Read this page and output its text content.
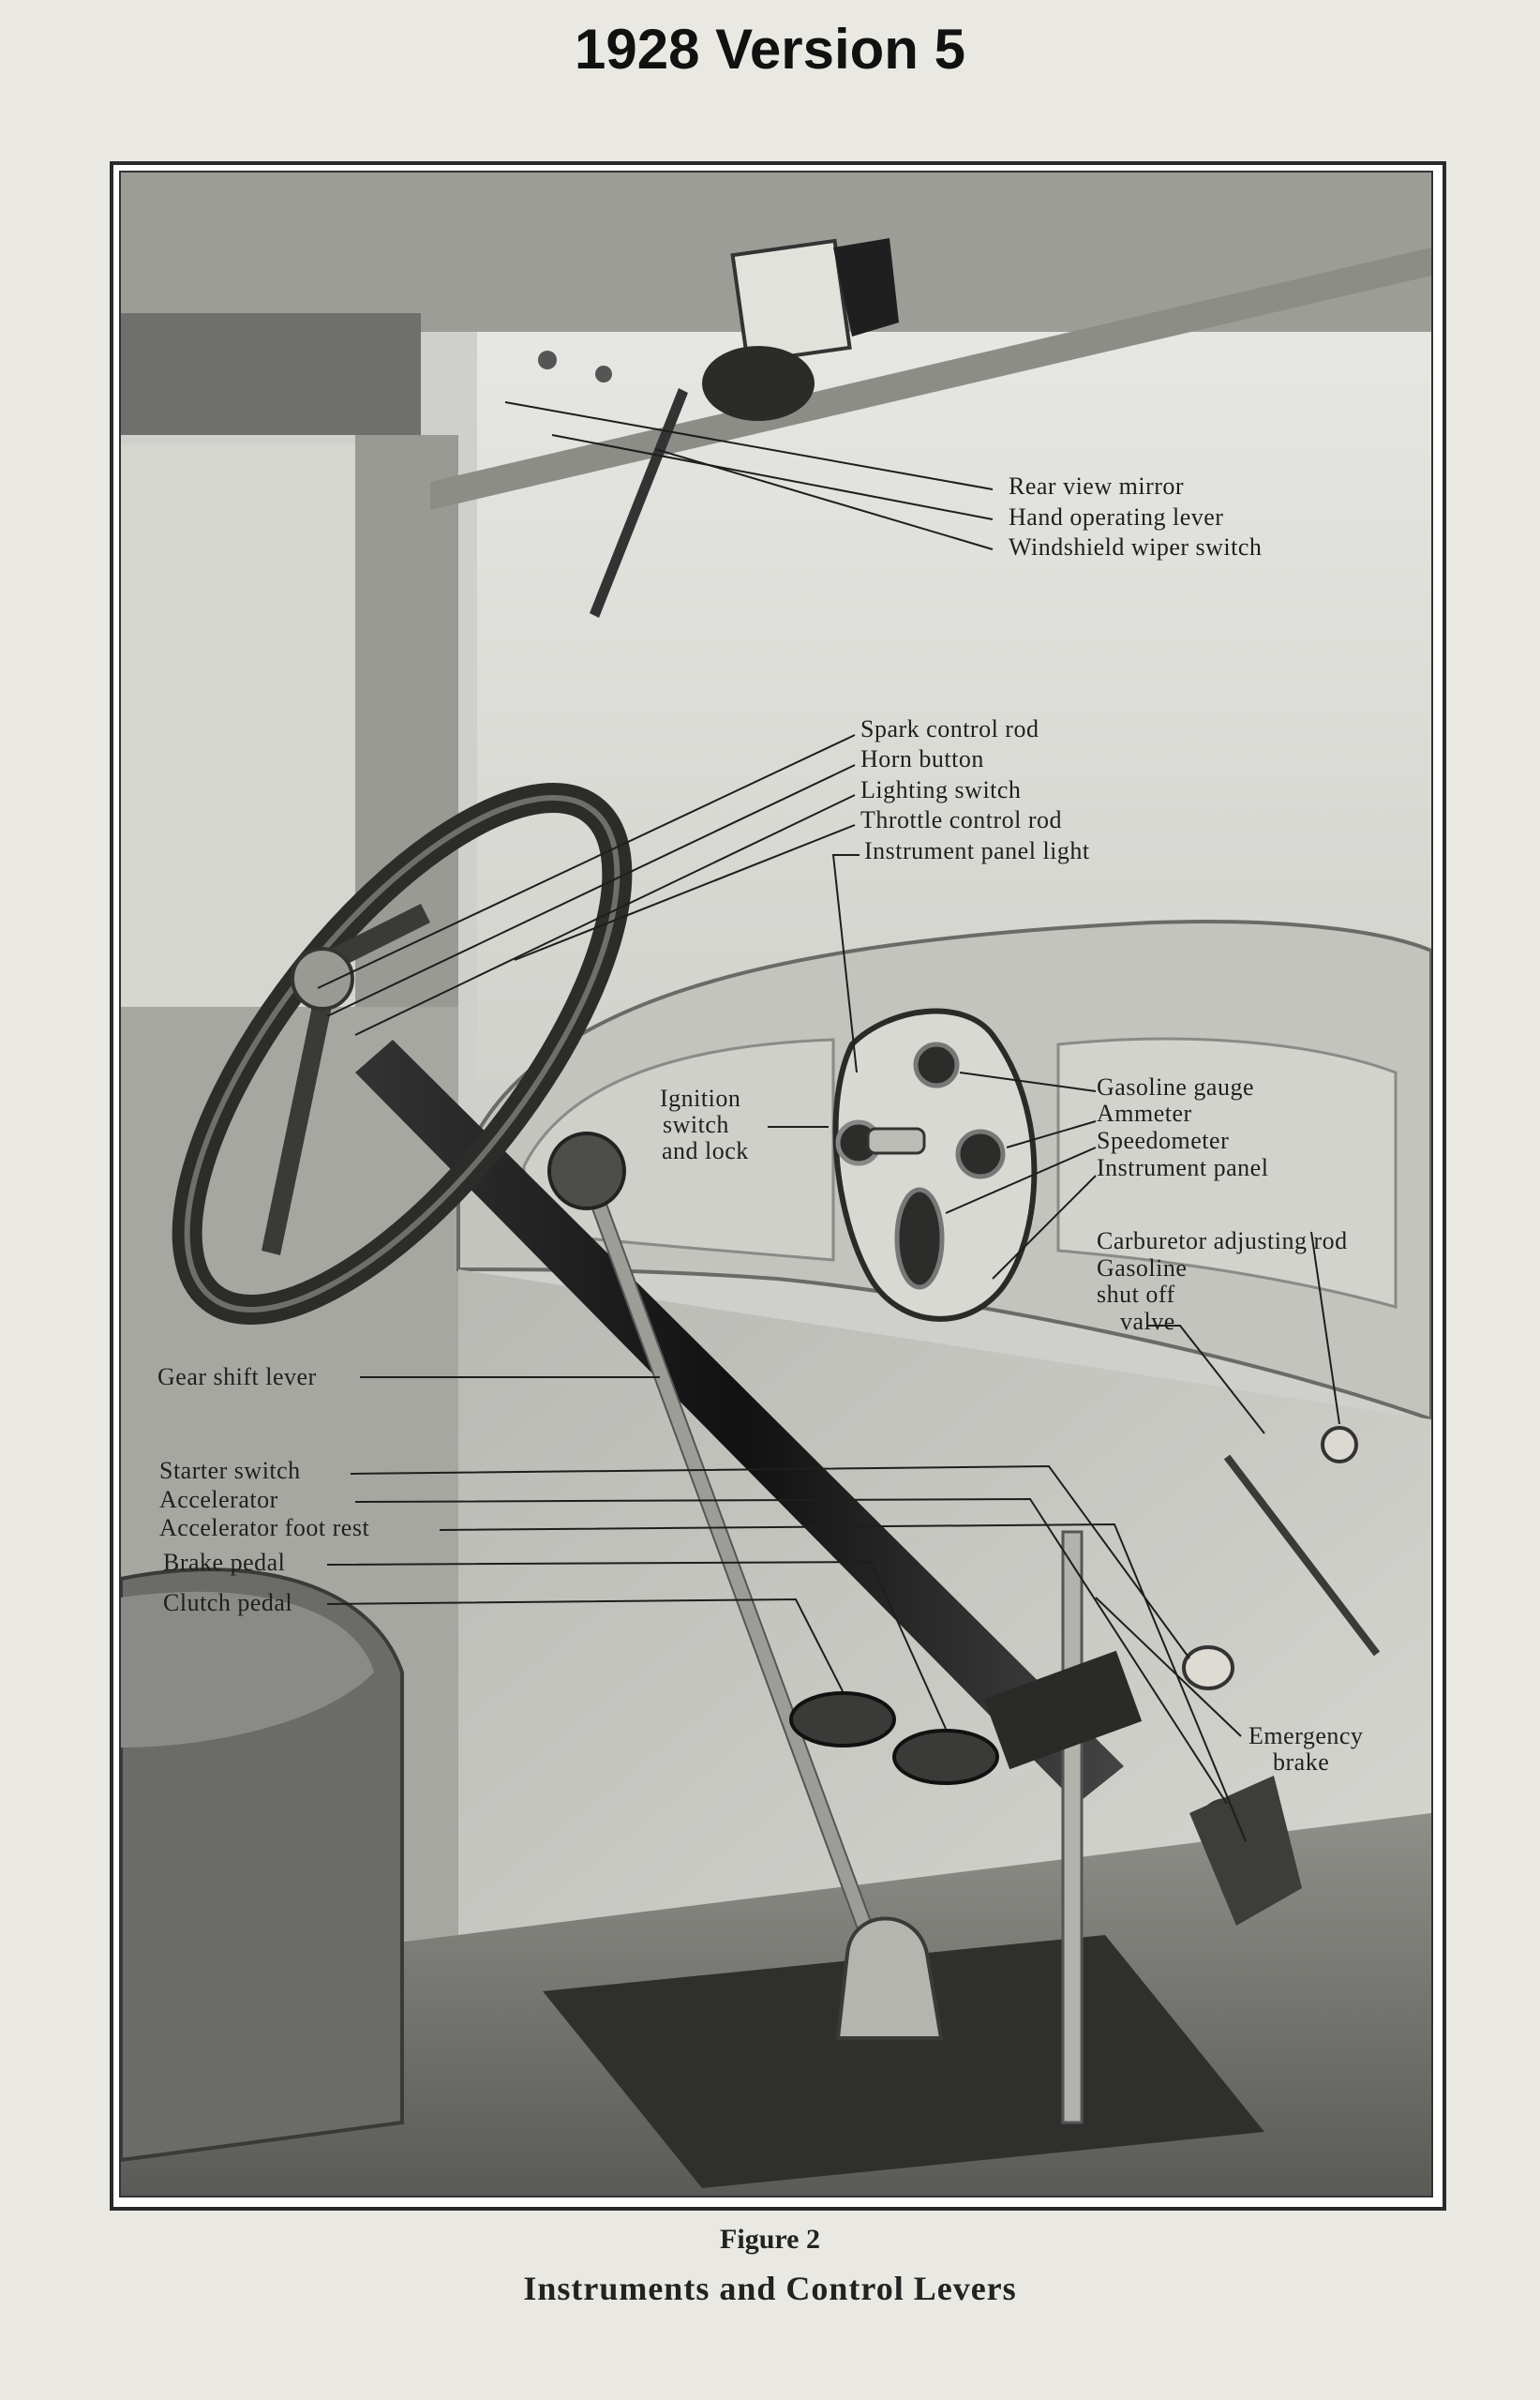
1928 Version 5
Rear view mirror
Hand operating lever
Windshield wiper switch
Spark control rod
Horn button
Lighting switch
Throttle control rod
Instrument panel light
Ignition
switch
and lock
Gasoline gauge
Ammeter
Speedometer
Instrument panel
Carburetor adjusting rod
Gasoline
shut off
valve
Gear shift lever
Starter switch
Accelerator
Accelerator foot rest
Brake pedal
Clutch pedal
Emergency
brake
Figure 2
Instruments and Control Levers
